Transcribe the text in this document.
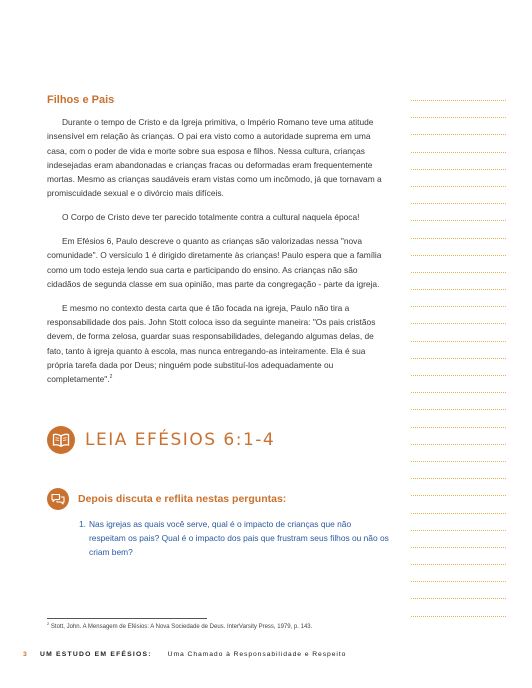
Filhos e Pais

Durante o tempo de Cristo e da Igreja primitiva, o Império Romano teve uma atitude insensível em relação às crianças. O pai era visto como a autoridade suprema em uma casa, com o poder de vida e morte sobre sua esposa e filhos. Nessa cultura, crianças indesejadas eram abandonadas e crianças fracas ou deformadas eram frequentemente mortas. Mesmo as crianças saudáveis eram vistas como um incômodo, já que tornavam a promiscuidade sexual e o divórcio mais difíceis.

O Corpo de Cristo deve ter parecido totalmente contra a cultural naquela época!

Em Efésios 6, Paulo descreve o quanto as crianças são valorizadas nessa "nova comunidade". O versículo 1 é dirigido diretamente às crianças! Paulo espera que a família como um todo esteja lendo sua carta e participando do ensino. As crianças não são cidadãos de segunda classe em sua opinião, mas parte da congregação - parte da igreja.

E mesmo no contexto desta carta que é tão focada na igreja, Paulo não tira a responsabilidade dos pais. John Stott coloca isso da seguinte maneira: "Os pais cristãos devem, de forma zelosa, guardar suas responsabilidades, delegando algumas delas, de fato, tanto à igreja quanto à escola, mas nunca entregando-as inteiramente. Ela é sua própria tarefa dada por Deus; ninguém pode substituí-los adequadamente ou completamente".$^2$

LEIA EFÉSIOS 6:1-4
Depois discuta e reflita nestas perguntas:
1. Nas igrejas as quais você serve, qual é o impacto de crianças que não respeitam os pais? Qual é o impacto dos pais que frustram seus filhos ou não os criam bem?
$^2$ Stott, John. A Mensagem de Efésios: A Nova Sociedade de Deus. InterVarsity Press, 1979, p. 143.
3 UM ESTUDO EM EFÉSIOS: Uma Chamado à Responsabilidade e Respeito
